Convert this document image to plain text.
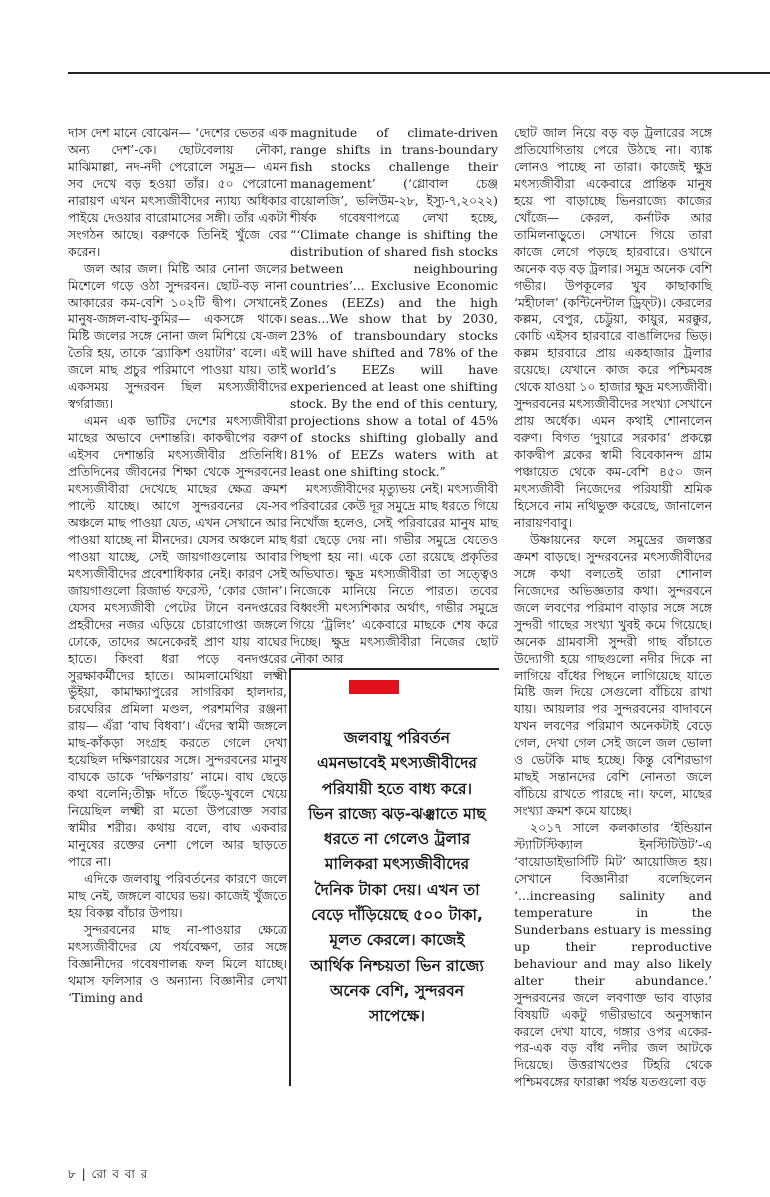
দাস দেশ মানে বোঝেন— ‘দেশের ভেতর এক অন্য দেশ’-কে। ছোটবেলায় নৌকা, মাঝিমাল্লা, নদ-নদী পেরোলে সমুদ্র— এমন সব দেখে বড় হওয়া তাঁর। ৫০ পেরোনো নারায়ণ এখন মৎস্যজীবীদের ন্যায্য অধিকার পাইয়ে দেওয়ার বারোমাসের সঙ্গী। তাঁর একটা সংগঠন আছে। বরুণকে তিনিই খুঁজে বের করেন।

জল আর জল। মিষ্টি আর নোনা জলের মিশেলে গড়ে ওঠা সুন্দরবন। ছোট-বড় নানা আকারের কম-বেশি ১০২টি দ্বীপ। সেখানেই মানুষ-জঙ্গল-বাঘ-কুমির— একসঙ্গে থাকে। মিষ্টি জলের সঙ্গে নোনা জল মিশিয়ে যে-জল তৈরি হয়, তাকে ‘ব্র্যাকিশ ওয়াটার’ বলে। এই জলে মাছ প্রচুর পরিমাণে পাওয়া যায়। তাই একসময় সুন্দরবন ছিল মৎস্যজীবীদের স্বর্গরাজ্য।

এমন এক ভাটির দেশের মৎস্যজীবীরা মাছের অভাবে দেশান্তরি। কাকদ্বীপের বরুণ এইসব দেশান্তরি মৎস্যজীবীর প্রতিনিধি। প্রতিদিনের জীবনের শিক্ষা থেকে সুন্দরবনের মৎস্যজীবীরা দেখেছে মাছের ক্ষেত্র ক্রমশ পাল্টে যাচ্ছে। আগে সুন্দরবনের যে-সব অঞ্চলে মাছ পাওয়া যেত, এখন সেখানে আর পাওয়া যাচ্ছে না মীনদের। যেসব অঞ্চলে মাছ পাওয়া যাচ্ছে, সেই জায়গাগুলোয় আবার মৎস্যজীবীদের প্রবেশাধিকার নেই। কারণ সেই জায়গাগুলো রিজার্ভ ফরেস্ট, ‘কোর জোন’। যেসব মৎস্যজীবী পেটের টানে বনদপ্তরের প্রহরীদের নজর এড়িয়ে চোরাগোপ্তা জঙ্গলে ঢোকে, তাদের অনেকেরই প্রাণ যায় বাঘের হাতে। কিংবা ধরা পড়ে বনদপ্তরের সুরক্ষাকর্মীদের হাতে। আমলামেথিয়া লক্ষ্মী ভুঁইয়া, কামাক্ষ্যাপুরের সাগরিকা হালদার, চরঘেরির প্রমিলা মণ্ডল, পরশমণির রঞ্জনা রায়— এঁরা ‘বাঘ বিধবা’। এঁদের স্বামী জঙ্গলে মাছ-কাঁকড়া সংগ্রহ করতে গেলে দেখা হয়েছিল দক্ষিণরায়ের সঙ্গে। সুন্দরবনের মানুষ বাঘকে ডাকে ‘দক্ষিণরায়’ নামে। বাঘ ছেড়ে কথা বলেনি;তীক্ষ্ণ দাঁতে ছিঁড়ে-খুবলে খেয়ে নিয়েছিল লক্ষ্মী রা মতো উপরোক্ত সবার স্বামীর শরীর। কথায় বলে, বাঘ একবার মানুষের রক্তের নেশা পেলে আর ছাড়তে পারে না।

এদিকে জলবায়ু পরিবর্তনের কারণে জলে মাছ নেই, জঙ্গলে বাঘের ভয়। কাজেই খুঁজতে হয় বিকল্প বাঁচার উপায়।

সুন্দরবনের মাছ না-পাওয়ার ক্ষেত্রে মৎস্যজীবীদের যে পর্যবেক্ষণ, তার সঙ্গে বিজ্ঞানীদের গবেষণালব্ধ ফল মিলে যাচ্ছে। থমাস ফলিসার ও অন্যান্য বিজ্ঞানীর লেখা ‘Timing and

magnitude of climate-driven range shifts in trans-boundary fish stocks challenge their management’ (‘গ্লোবাল চেঞ্জ বায়োলজি’, ভলিউম-২৮, ইস্যু-৭,২০২২) শীর্ষক গবেষণাপত্রে লেখা হচ্ছে, “‘Climate change is shifting the distribution of shared fish stocks between neighbouring countries’... Exclusive Economic Zones (EEZs) and the high seas...We show that by 2030, 23% of transboundary stocks will have shifted and 78% of the world’s EEZs will have experienced at least one shifting stock. By the end of this century, projections show a total of 45% of stocks shifting globally and 81% of EEZs waters with at least one shifting stock.”

মৎস্যজীবীদের মৃত্যুভয় নেই। মৎস্যজীবী পরিবারের কেউ দূর সমুদ্রে মাছ ধরতে গিয়ে নিখোঁজ হলেও, সেই পরিবারের মানুষ মাছ ধরা ছেড়ে দেয় না। গভীর সমুদ্রে যেতেও পিছপা হয় না। একে তো রয়েছে প্রকৃতির অভিঘাত। ক্ষুদ্র মৎস্যজীবীরা তা সত্ত্বেও নিজেকে মানিয়ে নিতে পারত। তবের বিধ্বংসী মৎস্যশিকার অর্থাৎ, গভীর সমুদ্রে গিয়ে ‘ট্রলিং’ একেবারে মাছকে শেষ করে দিচ্ছে। ক্ষুদ্র মৎস্যজীবীরা নিজের ছোট নৌকা আর

জলবায়ু পরিবর্তন এমনভাবেই মৎস্যজীবীদের পরিযায়ী হতে বাধ্য করে। ভিন রাজ্যে ঝড়-ঝঞ্ঝাতে মাছ ধরতে না গেলেও ট্রলার মালিকরা মৎস্যজীবীদের দৈনিক টাকা দেয়। এখন তা বেড়ে দাঁড়িয়েছে ৫০০ টাকা, মূলত কেরলে। কাজেই আর্থিক নিশ্চয়তা ভিন রাজ্যে অনেক বেশি, সুন্দরবন সাপেক্ষে।

ছোট জাল নিয়ে বড় বড় ট্রলারের সঙ্গে প্রতিযোগিতায় পেরে উঠছে না। ব্যাঙ্ক লোনও পাচ্ছে না তারা। কাজেই ক্ষুদ্র মৎস্যজীবীরা একেবারে প্রান্তিক মানুষ হয়ে পা বাড়াচ্ছে ভিনরাজ্যে কাজের খোঁজে— কেরল, কর্নাটক আর তামিলনাড়ুতে। সেখানে গিয়ে তারা কাজে লেগে পড়ছে হারবারে। ওখানে অনেক বড় বড় ট্রলার। সমুদ্র অনেক বেশি গভীর। উপকূলের খুব কাছাকাছি ‘মহীঢাল’ (কন্টিনেন্টাল ড্রিফ্‌ট)। কেরলের কল্লম, বেপুর, চেট্টুয়া, কায়ুর, মরক্কুর, কোচি এইসব হারবারে বাঙালিদের ভিড়। কল্লম হারবারে প্রায় একহাজার ট্রলার রয়েছে। যেখানে কাজ করে পশ্চিমবঙ্গ থেকে যাওয়া ১০ হাজার ক্ষুদ্র মৎস্যজীবী। সুন্দরবনের মৎস্যজীবীদের সংখ্যা সেখানে প্রায় অর্ধেক। এমন কথাই শোনালেন বরুণ। বিগত ‘দুয়ারে সরকার’ প্রকল্পে কাকদ্বীপ ব্লকের স্বামী বিবেকানন্দ গ্রাম পঞ্চায়েত থেকে কম-বেশি ৪৫০ জন মৎস্যজীবী নিজেদের পরিযায়ী শ্রমিক হিসেবে নাম নথিভুক্ত করেছে, জানালেন নারায়ণবাবু।

উষ্ণায়নের ফলে সমুদ্রের জলস্তর ক্রমশ বাড়ছে। সুন্দরবনের মৎস্যজীবীদের সঙ্গে কথা বলতেই তারা শোনাল নিজেদের অভিজ্ঞতার কথা। সুন্দরবনে জলে লবণের পরিমাণ বাড়ার সঙ্গে সঙ্গে সুন্দরী গাছের সংখ্যা খুবই কমে গিয়েছে। অনেক গ্রামবাসী সুন্দরী গাছ বাঁচাতে উদ্যোগী হয়ে গাছগুলো নদীর দিকে না লাগিয়ে বাঁধের পিছনে লাগিয়েছে যাতে মিষ্টি জল দিয়ে সেগুলো বাঁচিয়ে রাখা যায়। আয়লার পর সুন্দরবনের বাদাবনে যখন লবণের পরিমাণ অনেকটাই বেড়ে গেল, দেখা গেল সেই জলে জল ভোলা ও ভেটকি মাছ হচ্ছে। কিন্তু বেশিরভাগ মাছই সন্তানদের বেশি নোনতা জলে বাঁচিয়ে রাখতে পারছে না। ফলে, মাছের সংখ্যা ক্রমশ কমে যাচ্ছে।

২০১৭ সালে কলকাতার ‘ইন্ডিয়ান স্ট্যাটিস্টিক্যাল ইনস্টিটিউট’-এ ‘বায়োডাইভার্সিটি মিট’ আয়োজিত হয়। সেখানে বিজ্ঞানীরা বলেছিলেন ‘...increasing salinity and temperature in the Sunderbans estuary is messing up their reproductive behaviour and may also likely alter their abundance.’ সুন্দরবনের জলে লবণাক্ত ভাব বাড়ার বিষয়টি একটু গভীরভাবে অনুসন্ধান করলে দেখা যাবে, গঙ্গার ওপর একের-পর-এক বড় বাঁধ নদীর জল আটকে দিয়েছে। উত্তরাখণ্ডের টিহরি থেকে পশ্চিমবঙ্গের ফারাক্কা পর্যন্ত যতগুলো বড়

৮ | রো ব বা র
